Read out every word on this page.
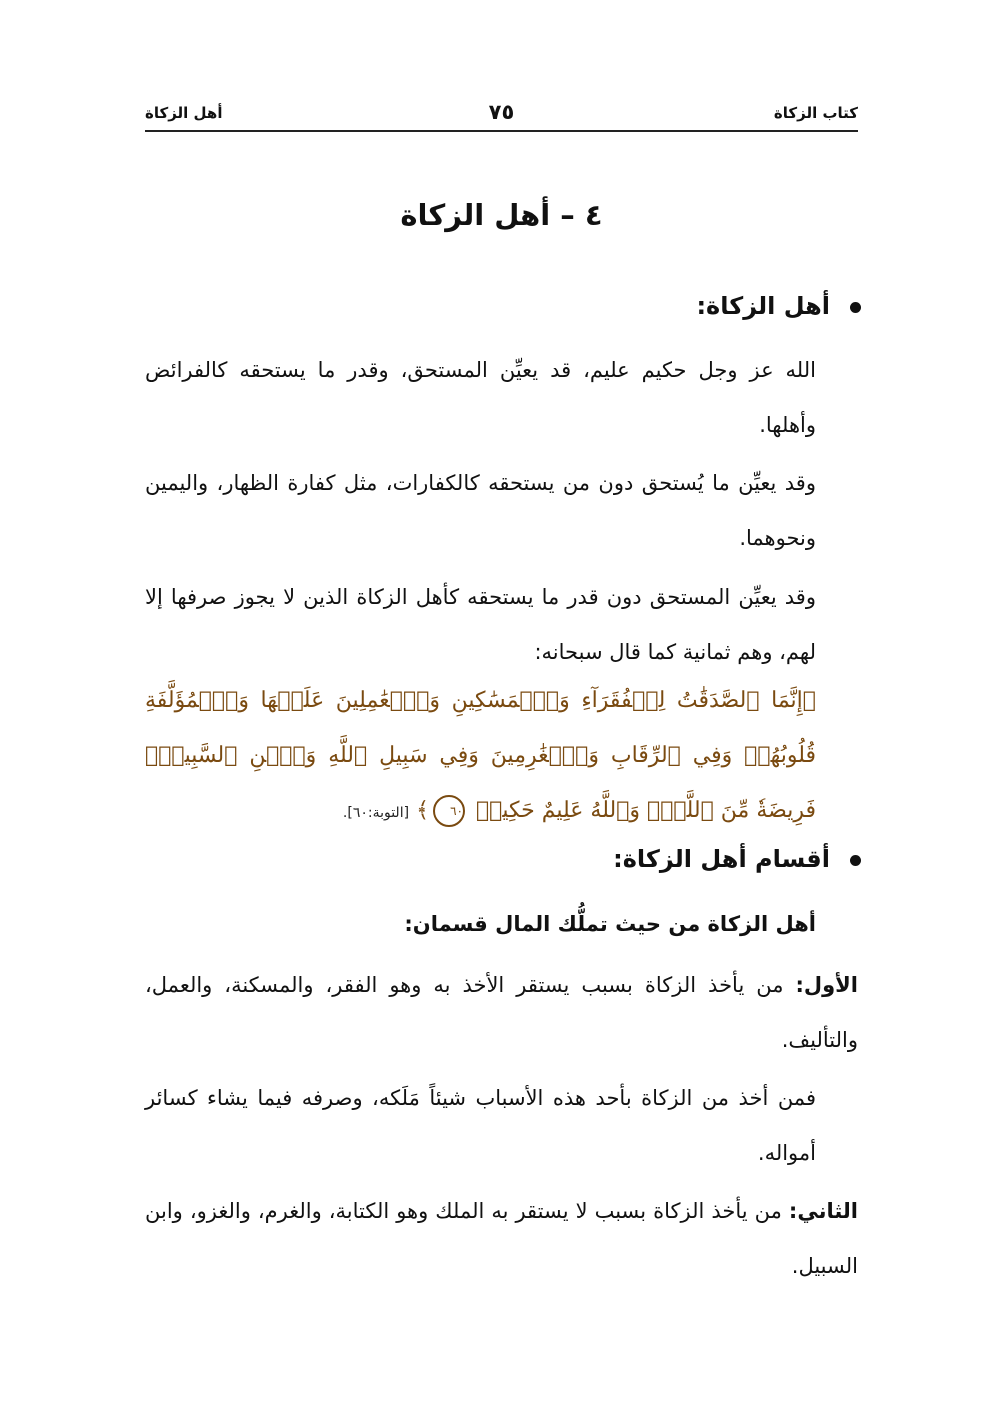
كتاب الزكاة
٧٥
أهل الزكاة
٤ – أهل الزكاة
أهل الزكاة:
الله عز وجل حكيم عليم، قد يعيِّن المستحق، وقدر ما يستحقه كالفرائض وأهلها.
وقد يعيِّن ما يُستحق دون من يستحقه كالكفارات، مثل كفارة الظهار، واليمين ونحوهما.
وقد يعيِّن المستحق دون قدر ما يستحقه كأهل الزكاة الذين لا يجوز صرفها إلا لهم، وهم ثمانية كما قال سبحانه:
﴿إِنَّمَا ٱلصَّدَقَٰتُ لِلۡفُقَرَآءِ وَٱلۡمَسَٰكِينِ وَٱلۡعَٰمِلِينَ عَلَيۡهَا وَٱلۡمُؤَلَّفَةِ قُلُوبُهُمۡ وَفِي ٱلرِّقَابِ وَٱلۡغَٰرِمِينَ وَفِي سَبِيلِ ٱللَّهِ وَٱبۡنِ ٱلسَّبِيلِۖ فَرِيضَةٗ مِّنَ ٱللَّهِۗ وَٱللَّهُ عَلِيمٌ حَكِيمٞ ٦٠﴾ [التوبة:٦٠].
أقسام أهل الزكاة:
أهل الزكاة من حيث تملُّك المال قسمان:
الأول: من يأخذ الزكاة بسبب يستقر الأخذ به وهو الفقر، والمسكنة، والعمل، والتأليف.
فمن أخذ من الزكاة بأحد هذه الأسباب شيئاً مَلَكه، وصرفه فيما يشاء كسائر أمواله.
الثاني: من يأخذ الزكاة بسبب لا يستقر به الملك وهو الكتابة، والغرم، والغزو، وابن السبيل.
